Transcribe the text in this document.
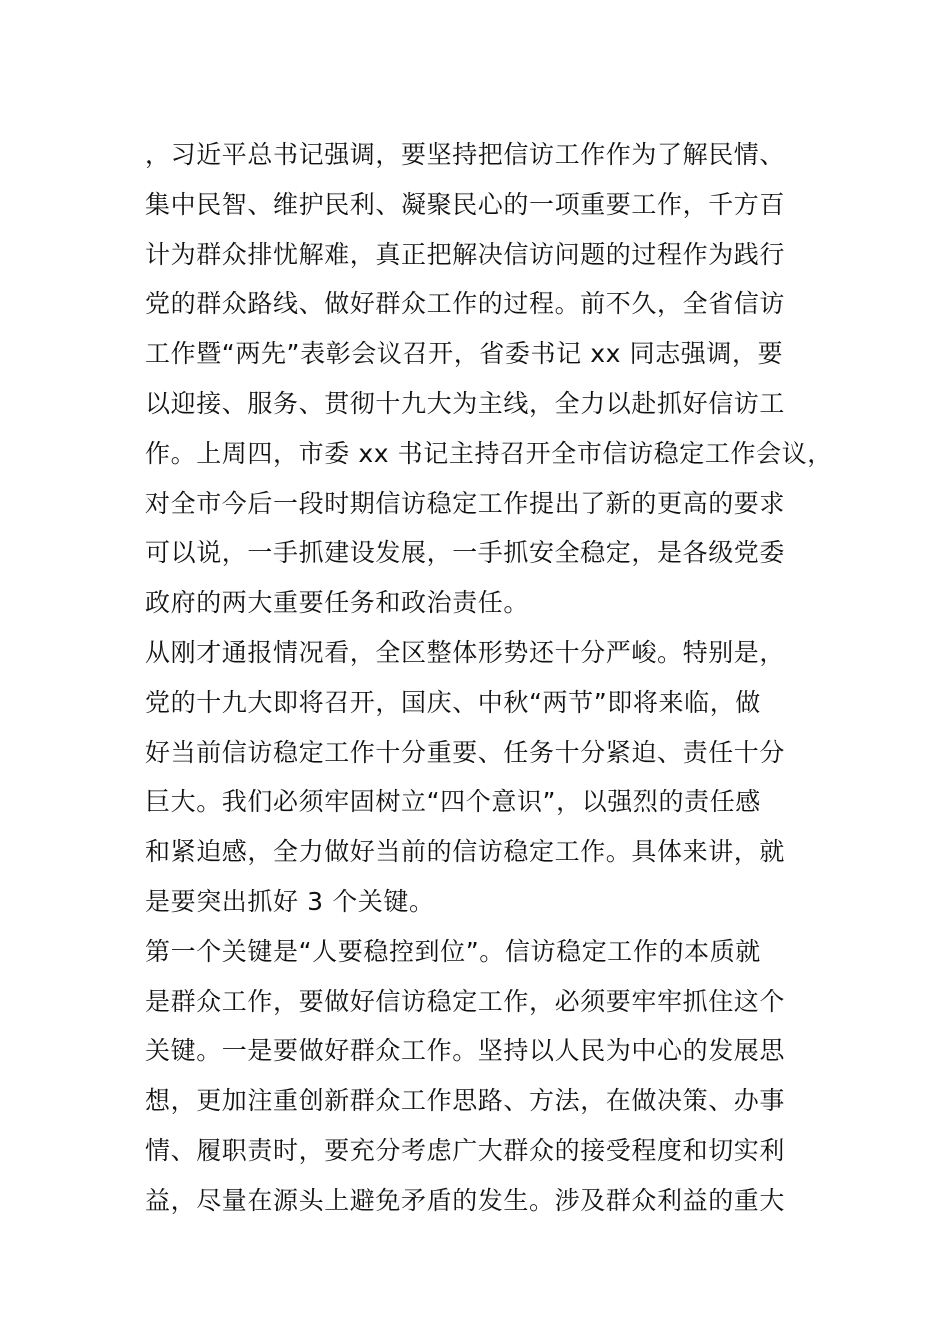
，习近平总书记强调，要坚持把信访工作作为了解民情、
集中民智、维护民利、凝聚民心的一项重要工作，千方百
计为群众排忧解难，真正把解决信访问题的过程作为践行
党的群众路线、做好群众工作的过程。前不久，全省信访
工作暨“两先”表彰会议召开，省委书记 xx 同志强调，要
以迎接、服务、贯彻十九大为主线，全力以赴抓好信访工
作。上周四，市委 xx 书记主持召开全市信访稳定工作会议，
对全市今后一段时期信访稳定工作提出了新的更高的要求
可以说，一手抓建设发展，一手抓安全稳定，是各级党委
政府的两大重要任务和政治责任。
从刚才通报情况看，全区整体形势还十分严峻。特别是，
党的十九大即将召开，国庆、中秋“两节”即将来临，做
好当前信访稳定工作十分重要、任务十分紧迫、责任十分
巨大。我们必须牢固树立“四个意识”，以强烈的责任感
和紧迫感，全力做好当前的信访稳定工作。具体来讲，就
是要突出抓好 3 个关键。
第一个关键是“人要稳控到位”。信访稳定工作的本质就
是群众工作，要做好信访稳定工作，必须要牢牢抓住这个
关键。一是要做好群众工作。坚持以人民为中心的发展思
想，更加注重创新群众工作思路、方法，在做决策、办事
情、履职责时，要充分考虑广大群众的接受程度和切实利
益，尽量在源头上避免矛盾的发生。涉及群众利益的重大
